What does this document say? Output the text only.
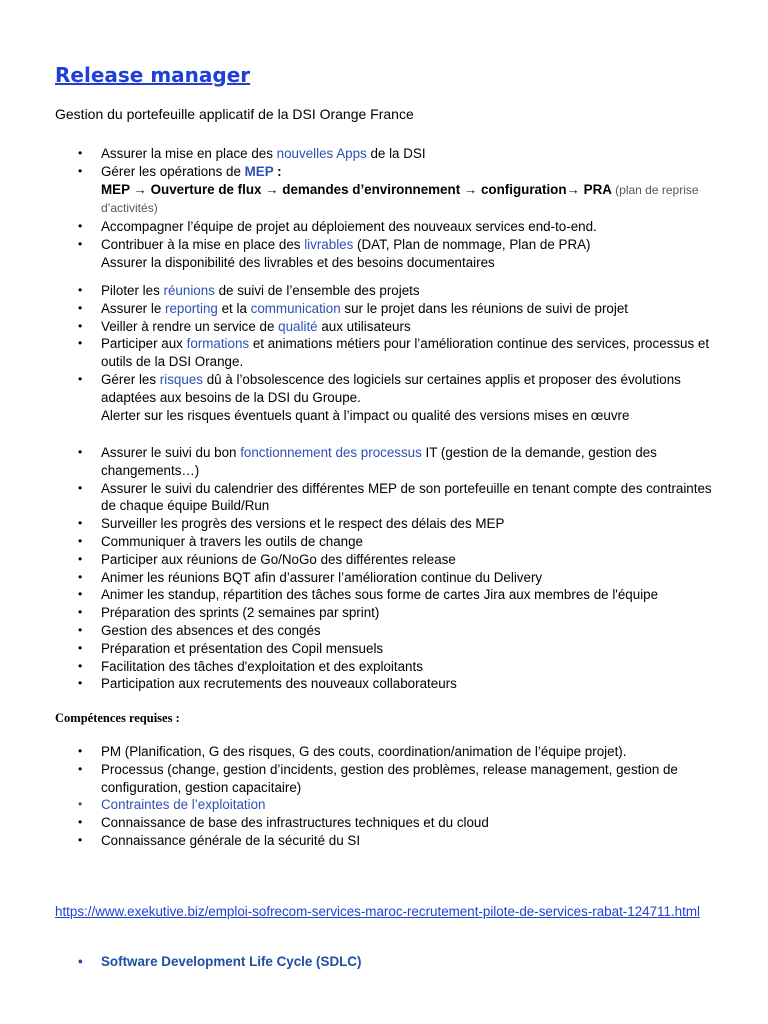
Release manager
Gestion du portefeuille applicatif de la DSI Orange France
• Assurer la mise en place des nouvelles Apps de la DSI
• Gérer les opérations de MEP :
MEP → Ouverture de flux → demandes d’environnement → configuration→ PRA (plan de reprise d’activités)
• Accompagner l’équipe de projet au déploiement des nouveaux services end-to-end.
• Contribuer à la mise en place des livrables (DAT, Plan de nommage, Plan de PRA)
Assurer la disponibilité des livrables et des besoins documentaires
• Piloter les réunions de suivi de l’ensemble des projets
• Assurer le reporting et la communication sur le projet dans les réunions de suivi de projet
• Veiller à rendre un service de qualité aux utilisateurs
• Participer aux formations et animations métiers pour l’amélioration continue des services, processus et outils de la DSI Orange.
• Gérer les risques dû à l’obsolescence des logiciels sur certaines applis et proposer des évolutions adaptées aux besoins de la DSI du Groupe.
Alerter sur les risques éventuels quant à l’impact ou qualité des versions mises en œuvre
• Assurer le suivi du bon fonctionnement des processus IT (gestion de la demande, gestion des changements…)
• Assurer le suivi du calendrier des différentes MEP de son portefeuille en tenant compte des contraintes de chaque équipe Build/Run
• Surveiller les progrès des versions et le respect des délais des MEP
• Communiquer à travers les outils de change
• Participer aux réunions de Go/NoGo des différentes release
• Animer les réunions BQT afin d’assurer l’amélioration continue du Delivery
• Animer les standup, répartition des tâches sous forme de cartes Jira aux membres de l'équipe
• Préparation des sprints (2 semaines par sprint)
• Gestion des absences et des congés
• Préparation et présentation des Copil mensuels
• Facilitation des tâches d'exploitation et des exploitants
• Participation aux recrutements des nouveaux collaborateurs
Compétences requises :
• PM (Planification, G des risques, G des couts, coordination/animation de l’équipe projet).
• Processus (change, gestion d’incidents, gestion des problèmes, release management, gestion de configuration, gestion capacitaire)
• Contraintes de l’exploitation
• Connaissance de base des infrastructures techniques et du cloud
• Connaissance générale de la sécurité du SI
https://www.exekutive.biz/emploi-sofrecom-services-maroc-recrutement-pilote-de-services-rabat-124711.html
• Software Development Life Cycle (SDLC)
